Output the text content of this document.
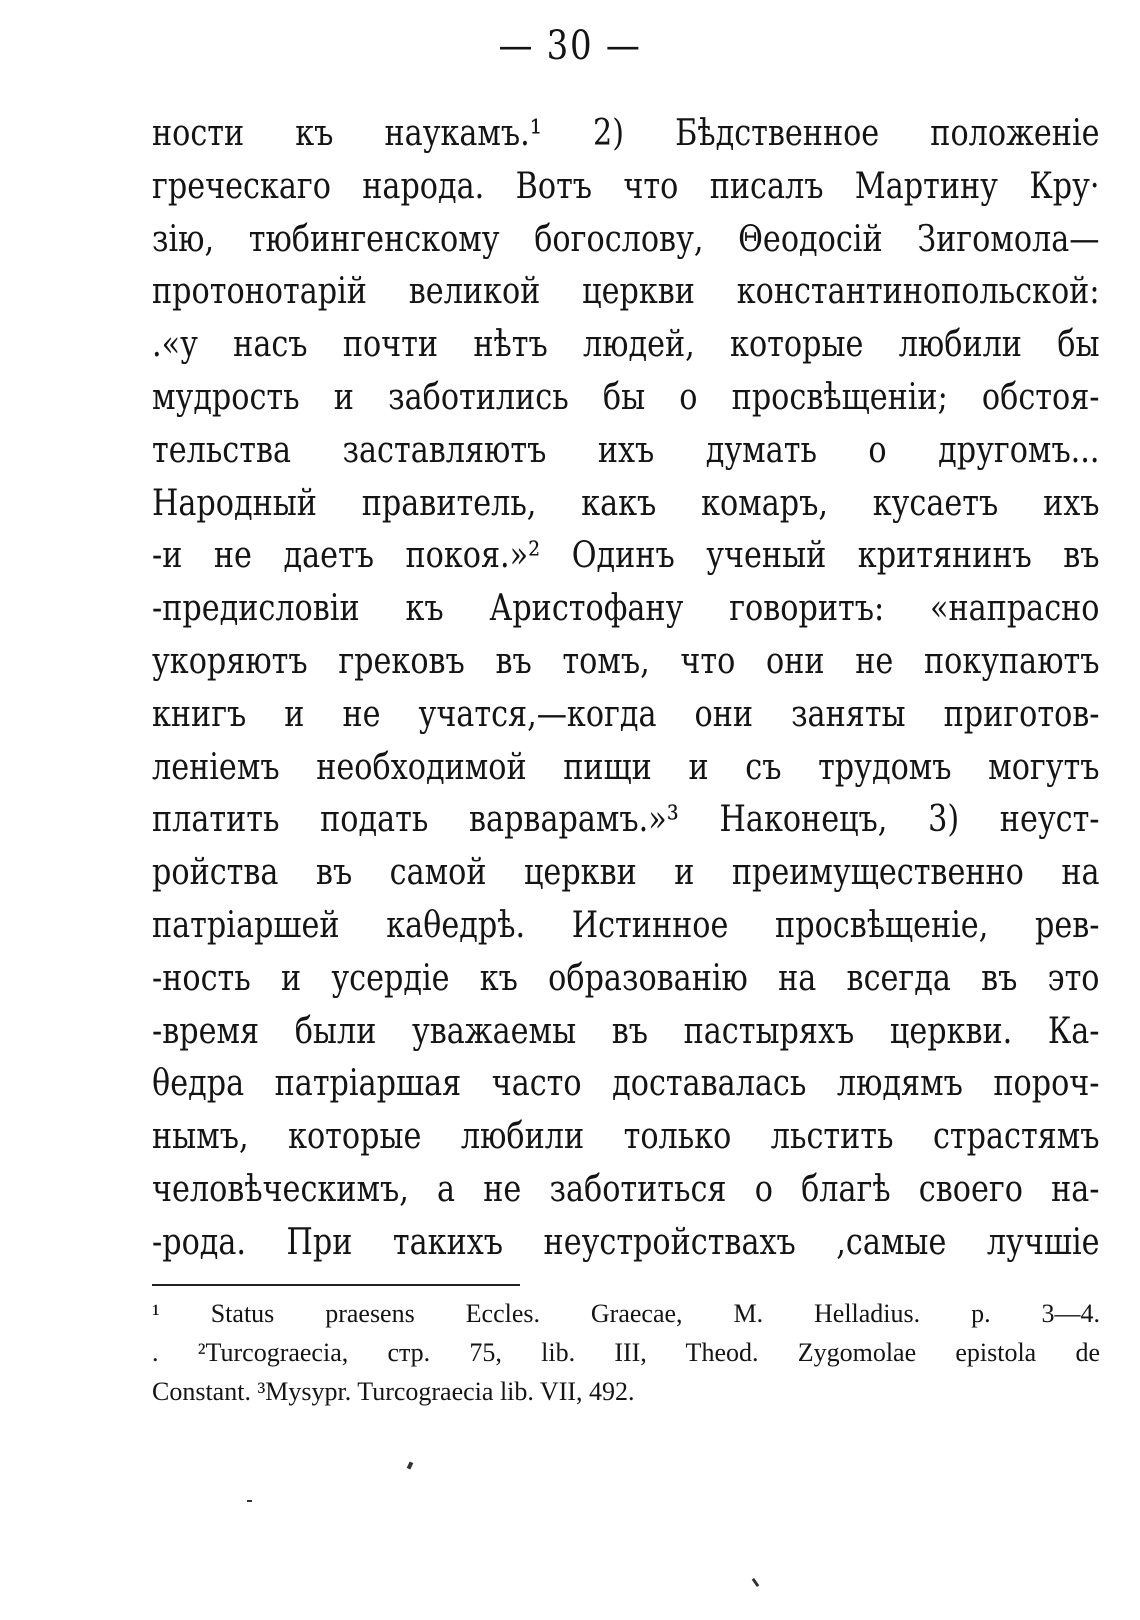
— 30 —
ности къ наукамъ.¹ 2) Бѣдственное положенiе
греческаго народа. Вотъ что писалъ Мартину Кру·
зiю, тюбингенскому богослову, Θеодосiй Зигомола—
протонотарiй великой церкви константинопольской:
.«у насъ почти нѣтъ людей, которые любили бы
мудрость и заботились бы о просвѣщенiи; обстоя-
тельства заставляютъ ихъ думать о другомъ...
Народный правитель, какъ комаръ, кусаетъ ихъ
-и не даетъ покоя.»² Одинъ ученый критянинъ въ
-предисловiи къ Аристофану говоритъ: «напрасно
укоряютъ грековъ въ томъ, что они не покупаютъ
книгъ и не учатся,—когда они заняты приготов-
ленiемъ необходимой пищи и съ трудомъ могутъ
платить подать варварамъ.»³ Наконецъ, 3) неуст-
ройства въ самой церкви и преимущественно на
патрiаршей каθедрѣ. Истинное просвѣщенiе, рев-
-ность и усердiе къ образованiю на всегда въ это
-время были уважаемы въ пастыряхъ церкви. Ка-
θедра патрiаршая часто доставалась людямъ пороч-
нымъ, которые любили только льстить страстямъ
человѣческимъ, а не заботиться о благѣ своего на-
-рода. При такихъ неустройствахъ ,самые лучшiе
¹ Status praesens Eccles. Graecae, M. Helladius. p. 3—4.
. ²Turcograecia, стр. 75, lib. III, Theod. Zygomolae epistola de
Constant. ³Mysypr. Turcograecia lib. VII, 492.
